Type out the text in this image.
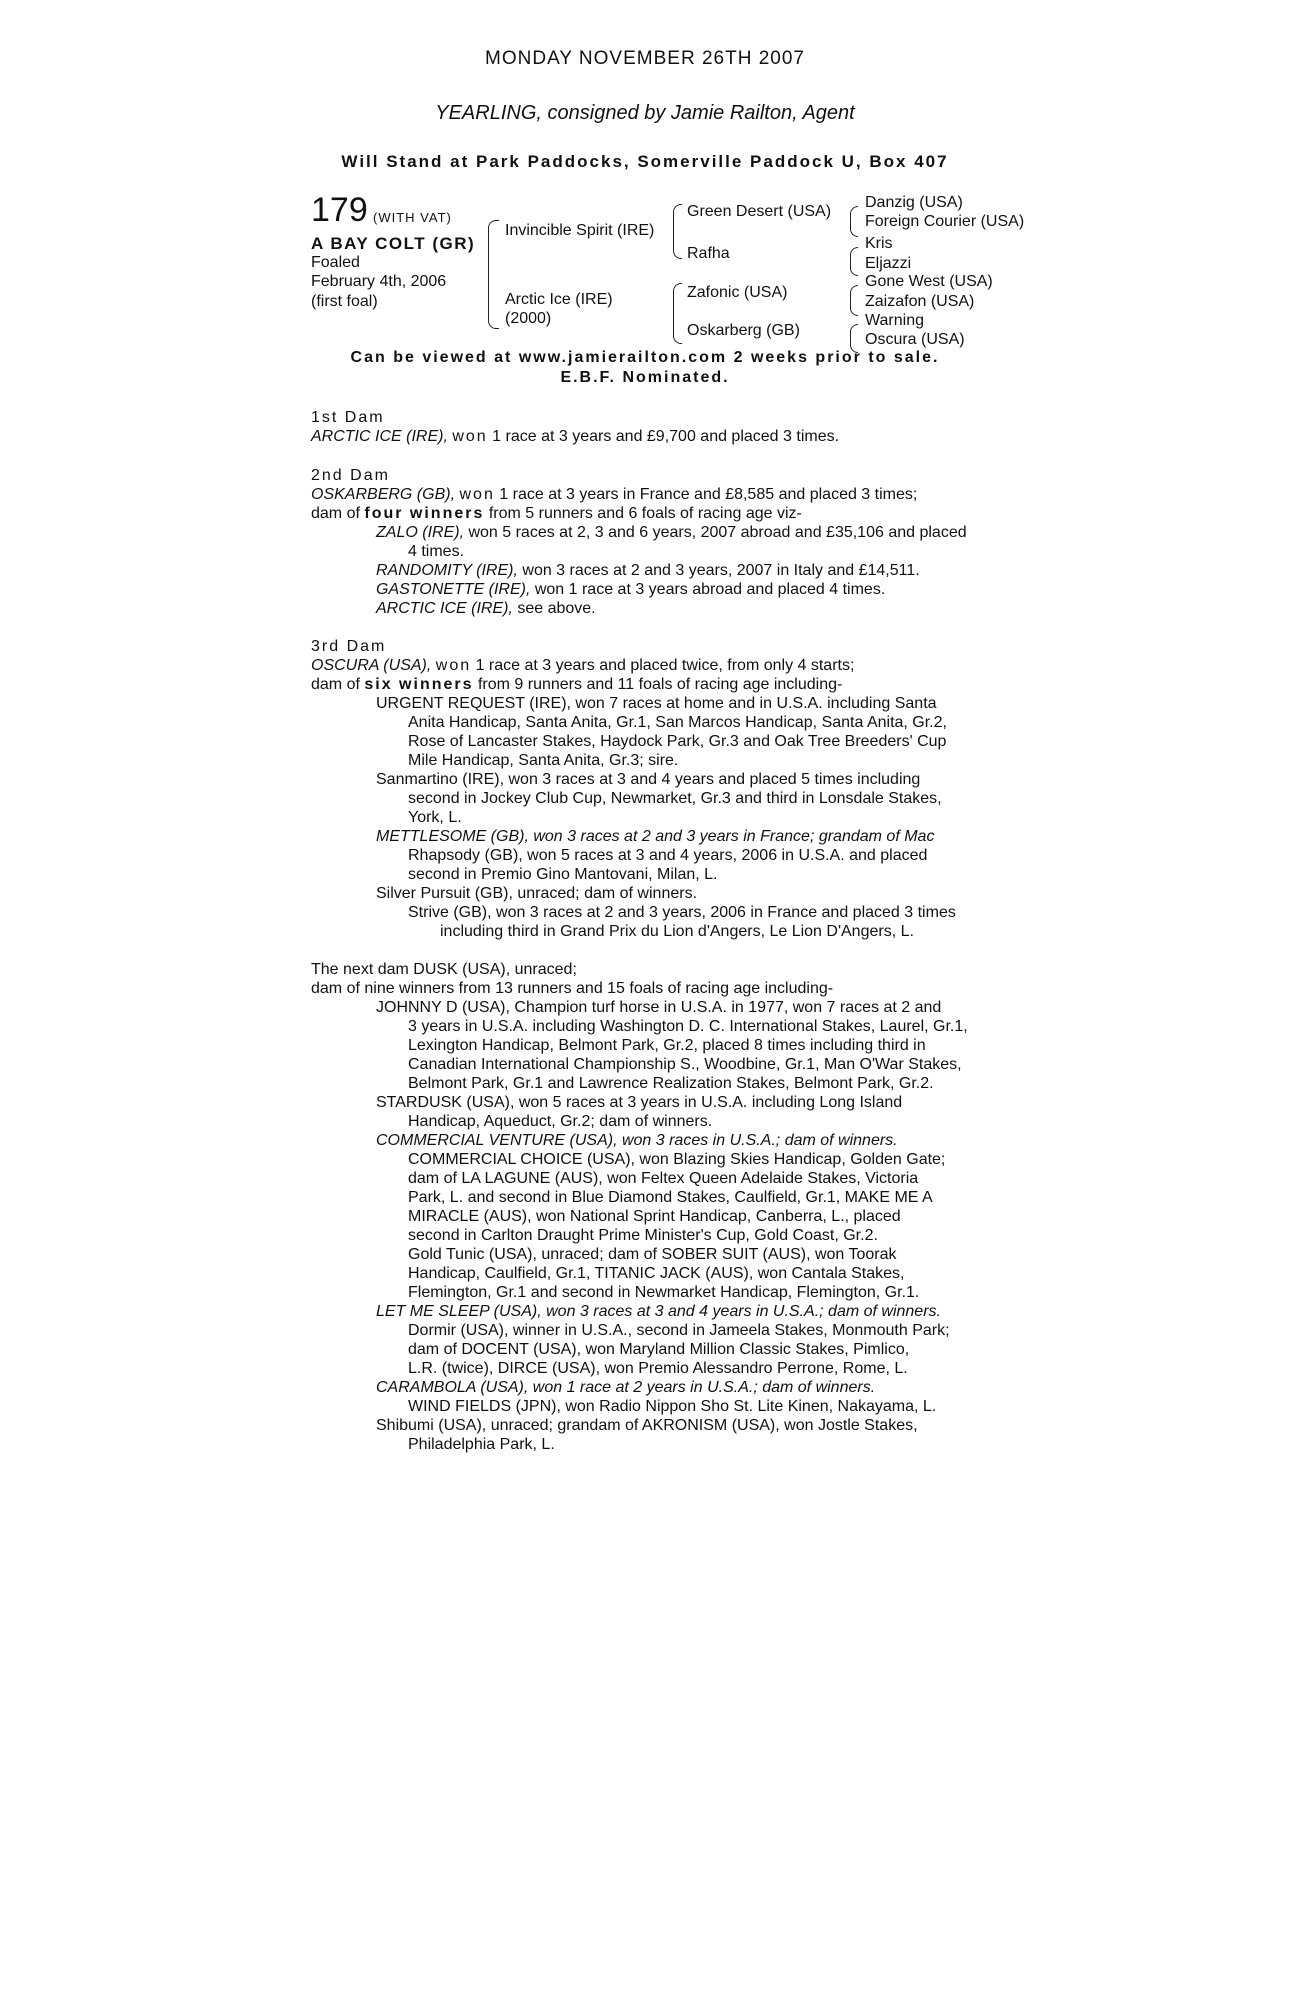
MONDAY NOVEMBER 26TH 2007
YEARLING, consigned by Jamie Railton, Agent
Will Stand at Park Paddocks, Somerville Paddock U, Box 407
179 (WITH VAT)
A BAY COLT (GR)
Foaled
February 4th, 2006
(first foal)
Invincible Spirit (IRE)
Arctic Ice (IRE)
(2000)
Green Desert (USA)
Rafha
Zafonic (USA)
Oskarberg (GB)
Danzig (USA)
Foreign Courier (USA)
Kris
Eljazzi
Gone West (USA)
Zaizafon (USA)
Warning
Oscura (USA)
Can be viewed at www.jamierailton.com 2 weeks prior to sale.
E.B.F. Nominated.
1st Dam
ARCTIC ICE (IRE), won 1 race at 3 years and £9,700 and placed 3 times.
2nd Dam
OSKARBERG (GB), won 1 race at 3 years in France and £8,585 and placed 3 times;
dam of four winners from 5 runners and 6 foals of racing age viz-
ZALO (IRE), won 5 races at 2, 3 and 6 years, 2007 abroad and £35,106 and placed
4 times.
RANDOMITY (IRE), won 3 races at 2 and 3 years, 2007 in Italy and £14,511.
GASTONETTE (IRE), won 1 race at 3 years abroad and placed 4 times.
ARCTIC ICE (IRE), see above.
3rd Dam
OSCURA (USA), won 1 race at 3 years and placed twice, from only 4 starts;
dam of six winners from 9 runners and 11 foals of racing age including-
URGENT REQUEST (IRE), won 7 races at home and in U.S.A. including Santa
Anita Handicap, Santa Anita, Gr.1, San Marcos Handicap, Santa Anita, Gr.2,
Rose of Lancaster Stakes, Haydock Park, Gr.3 and Oak Tree Breeders' Cup
Mile Handicap, Santa Anita, Gr.3; sire.
Sanmartino (IRE), won 3 races at 3 and 4 years and placed 5 times including
second in Jockey Club Cup, Newmarket, Gr.3 and third in Lonsdale Stakes,
York, L.
METTLESOME (GB), won 3 races at 2 and 3 years in France; grandam of Mac
Rhapsody (GB), won 5 races at 3 and 4 years, 2006 in U.S.A. and placed
second in Premio Gino Mantovani, Milan, L.
Silver Pursuit (GB), unraced; dam of winners.
Strive (GB), won 3 races at 2 and 3 years, 2006 in France and placed 3 times
including third in Grand Prix du Lion d'Angers, Le Lion D'Angers, L.
The next dam DUSK (USA), unraced;
dam of nine winners from 13 runners and 15 foals of racing age including-
JOHNNY D (USA), Champion turf horse in U.S.A. in 1977, won 7 races at 2 and
3 years in U.S.A. including Washington D. C. International Stakes, Laurel, Gr.1,
Lexington Handicap, Belmont Park, Gr.2, placed 8 times including third in
Canadian International Championship S., Woodbine, Gr.1, Man O'War Stakes,
Belmont Park, Gr.1 and Lawrence Realization Stakes, Belmont Park, Gr.2.
STARDUSK (USA), won 5 races at 3 years in U.S.A. including Long Island
Handicap, Aqueduct, Gr.2; dam of winners.
COMMERCIAL VENTURE (USA), won 3 races in U.S.A.; dam of winners.
COMMERCIAL CHOICE (USA), won Blazing Skies Handicap, Golden Gate;
dam of LA LAGUNE (AUS), won Feltex Queen Adelaide Stakes, Victoria
Park, L. and second in Blue Diamond Stakes, Caulfield, Gr.1, MAKE ME A
MIRACLE (AUS), won National Sprint Handicap, Canberra, L., placed
second in Carlton Draught Prime Minister's Cup, Gold Coast, Gr.2.
Gold Tunic (USA), unraced; dam of SOBER SUIT (AUS), won Toorak
Handicap, Caulfield, Gr.1, TITANIC JACK (AUS), won Cantala Stakes,
Flemington, Gr.1 and second in Newmarket Handicap, Flemington, Gr.1.
LET ME SLEEP (USA), won 3 races at 3 and 4 years in U.S.A.; dam of winners.
Dormir (USA), winner in U.S.A., second in Jameela Stakes, Monmouth Park;
dam of DOCENT (USA), won Maryland Million Classic Stakes, Pimlico,
L.R. (twice), DIRCE (USA), won Premio Alessandro Perrone, Rome, L.
CARAMBOLA (USA), won 1 race at 2 years in U.S.A.; dam of winners.
WIND FIELDS (JPN), won Radio Nippon Sho St. Lite Kinen, Nakayama, L.
Shibumi (USA), unraced; grandam of AKRONISM (USA), won Jostle Stakes,
Philadelphia Park, L.
